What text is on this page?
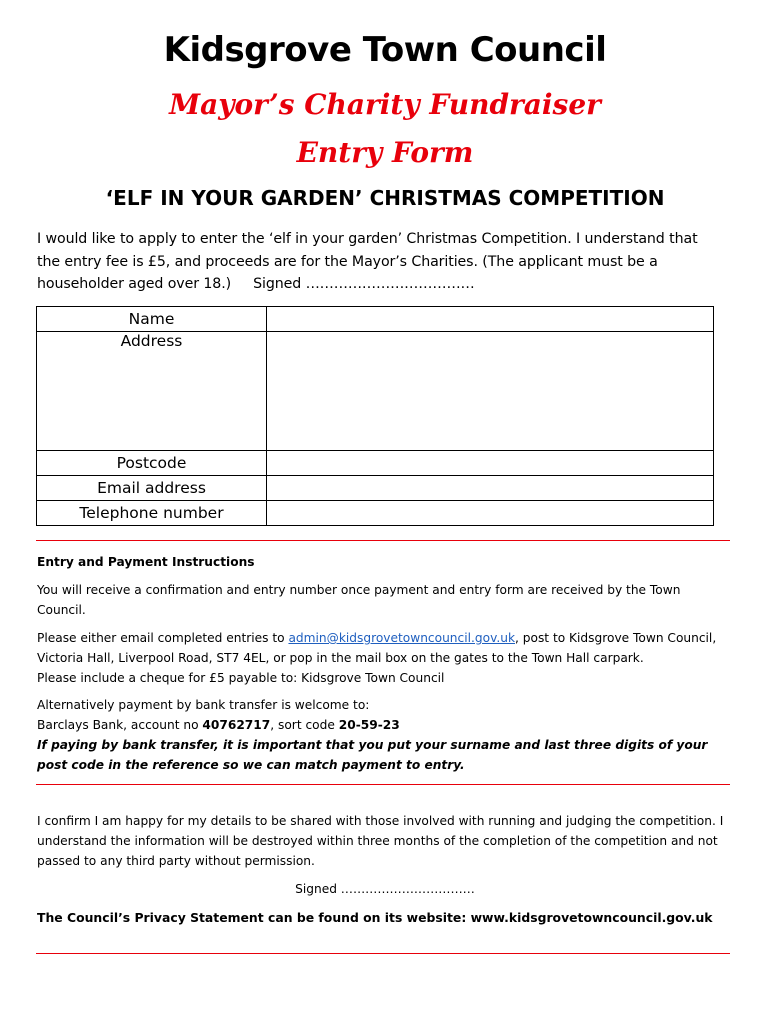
Kidsgrove Town Council
Mayor’s Charity Fundraiser
Entry Form
‘ELF IN YOUR GARDEN’ CHRISTMAS COMPETITION
I would like to apply to enter the ‘elf in your garden’ Christmas Competition. I understand that
the entry fee is £5, and proceeds are for the Mayor’s Charities. (The applicant must be a
householder aged over 18.) Signed ………………………………
Name	
Address	
Postcode	
Email address	
Telephone number	
Entry and Payment Instructions
You will receive a confirmation and entry number once payment and entry form are received by the Town Council.
Please either email completed entries to admin@kidsgrovetowncouncil.gov.uk, post to Kidsgrove Town Council, Victoria Hall, Liverpool Road, ST7 4EL, or pop in the mail box on the gates to the Town Hall carpark.
Please include a cheque for £5 payable to: Kidsgrove Town Council
Alternatively payment by bank transfer is welcome to:
Barclays Bank, account no 40762717, sort code 20-59-23
If paying by bank transfer, it is important that you put your surname and last three digits of your post code in the reference so we can match payment to entry.
I confirm I am happy for my details to be shared with those involved with running and judging the competition. I understand the information will be destroyed within three months of the completion of the competition and not passed to any third party without permission.
Signed ……………………………
The Council’s Privacy Statement can be found on its website: www.kidsgrovetowncouncil.gov.uk
